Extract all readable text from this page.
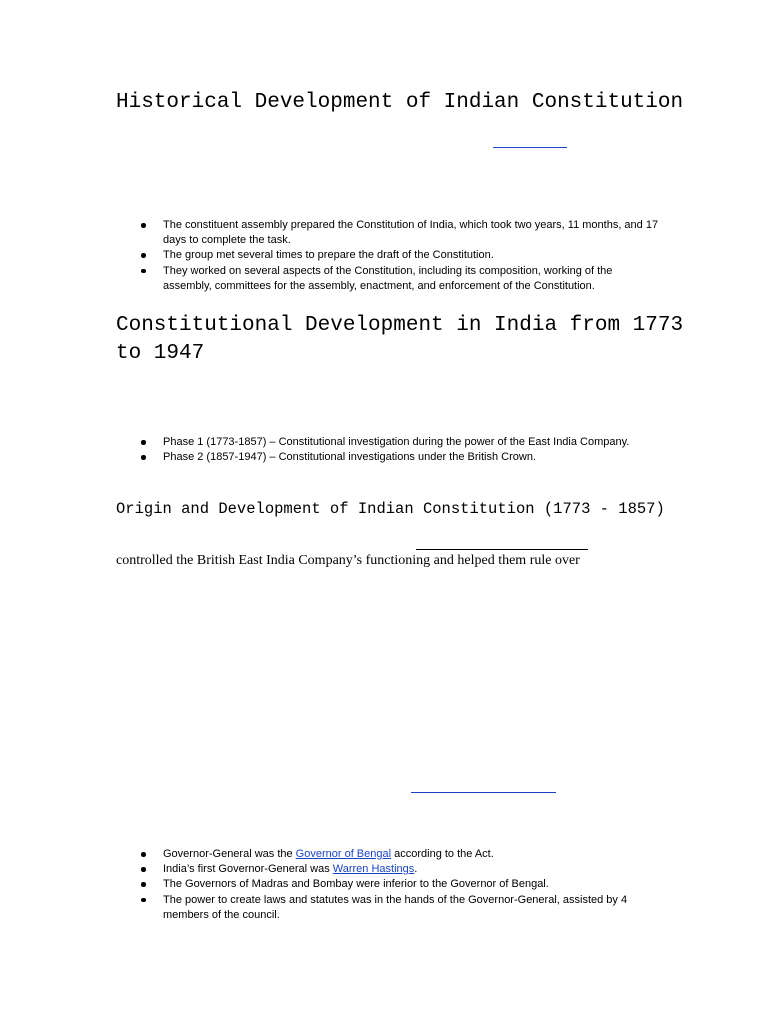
Historical Development of Indian Constitution
The constituent assembly prepared the Constitution of India, which took two years, 11 months, and 17 days to complete the task.
The group met several times to prepare the draft of the Constitution.
They worked on several aspects of the Constitution, including its composition, working of the assembly, committees for the assembly, enactment, and enforcement of the Constitution.
Constitutional Development in India from 1773
to 1947
Phase 1 (1773-1857) – Constitutional investigation during the power of the East India Company.
Phase 2 (1857-1947) – Constitutional investigations under the British Crown.
Origin and Development of Indian Constitution (1773 - 1857)

controlled the British East India Company’s functioning and helped them rule over

Governor-General was the Governor of Bengal according to the Act.
India’s first Governor-General was Warren Hastings.
The Governors of Madras and Bombay were inferior to the Governor of Bengal.
The power to create laws and statutes was in the hands of the Governor-General, assisted by 4 members of the council.
